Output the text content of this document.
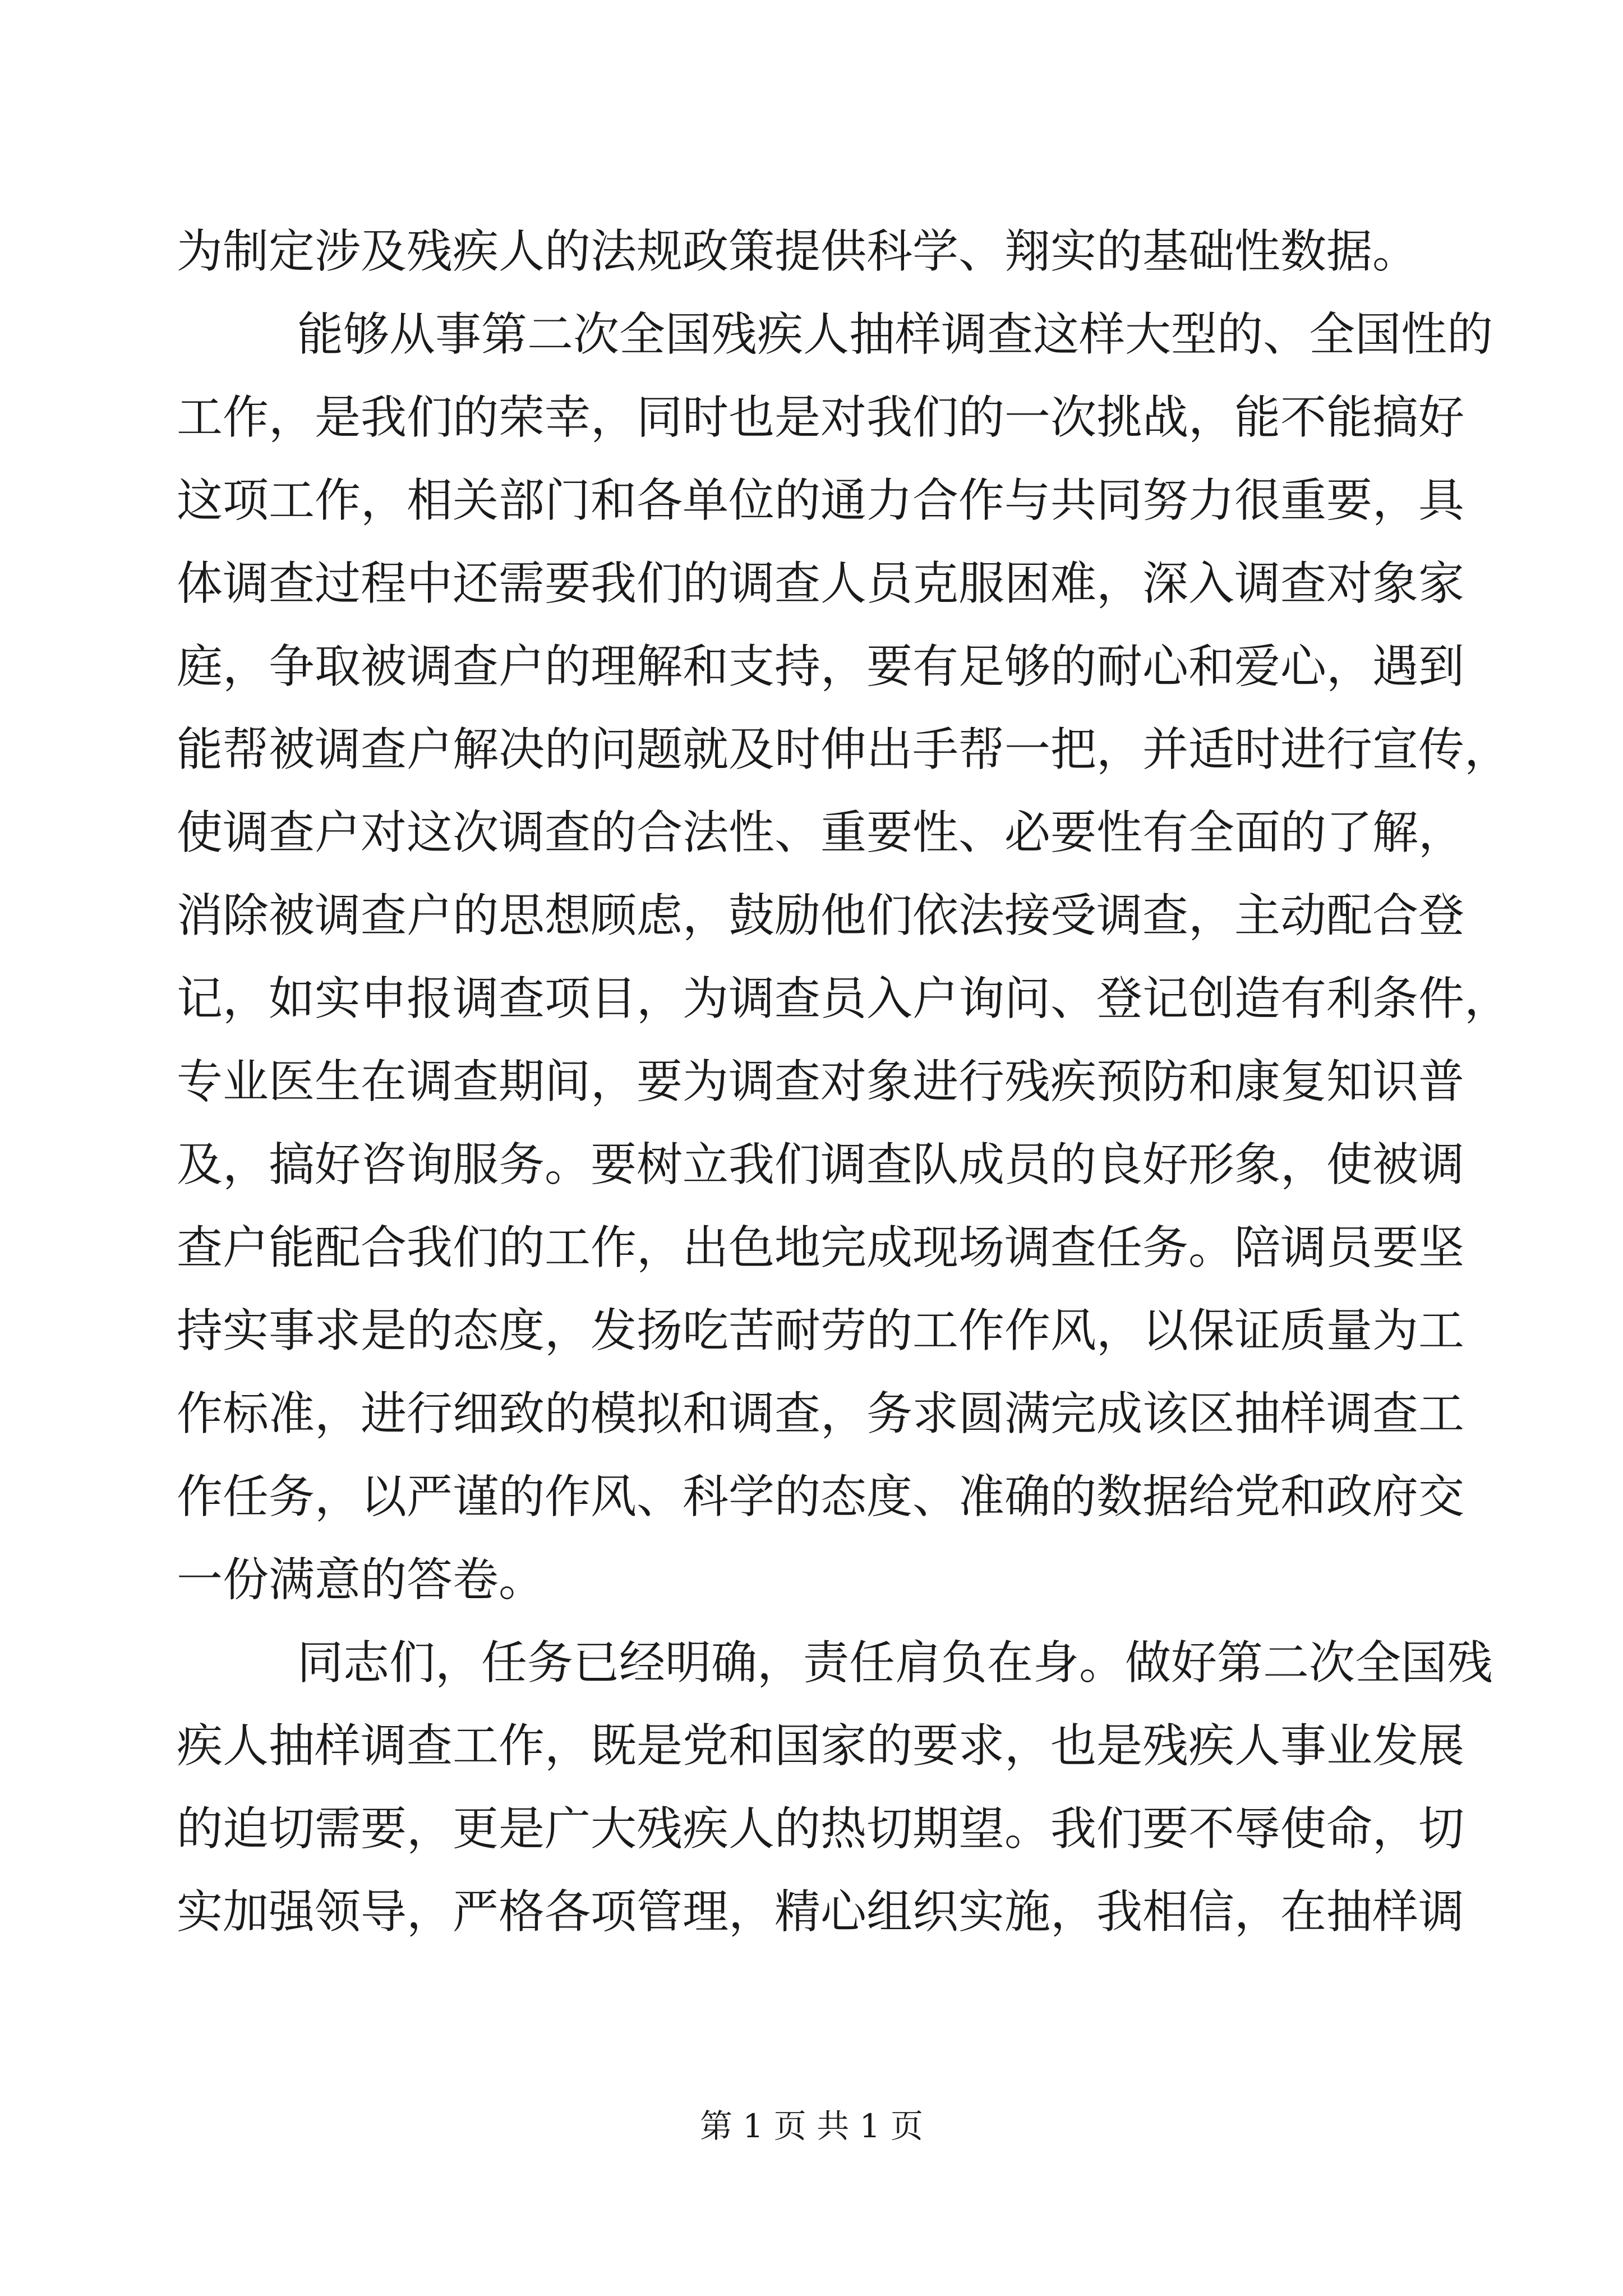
为制定涉及残疾人的法规政策提供科学、翔实的基础性数据。
能够从事第二次全国残疾人抽样调查这样大型的、全国性的
工作，是我们的荣幸，同时也是对我们的一次挑战，能不能搞好
这项工作，相关部门和各单位的通力合作与共同努力很重要，具
体调查过程中还需要我们的调查人员克服困难，深入调查对象家
庭，争取被调查户的理解和支持，要有足够的耐心和爱心，遇到
能帮被调查户解决的问题就及时伸出手帮一把，并适时进行宣传，
使调查户对这次调查的合法性、重要性、必要性有全面的了解，
消除被调查户的思想顾虑，鼓励他们依法接受调查，主动配合登
记，如实申报调查项目，为调查员入户询问、登记创造有利条件，
专业医生在调查期间，要为调查对象进行残疾预防和康复知识普
及，搞好咨询服务。要树立我们调查队成员的良好形象，使被调
查户能配合我们的工作，出色地完成现场调查任务。陪调员要坚
持实事求是的态度，发扬吃苦耐劳的工作作风，以保证质量为工
作标准，进行细致的模拟和调查，务求圆满完成该区抽样调查工
作任务，以严谨的作风、科学的态度、准确的数据给党和政府交
一份满意的答卷。
同志们，任务已经明确，责任肩负在身。做好第二次全国残
疾人抽样调查工作，既是党和国家的要求，也是残疾人事业发展
的迫切需要，更是广大残疾人的热切期望。我们要不辱使命，切
实加强领导，严格各项管理，精心组织实施，我相信，在抽样调
第 1 页 共 1 页
